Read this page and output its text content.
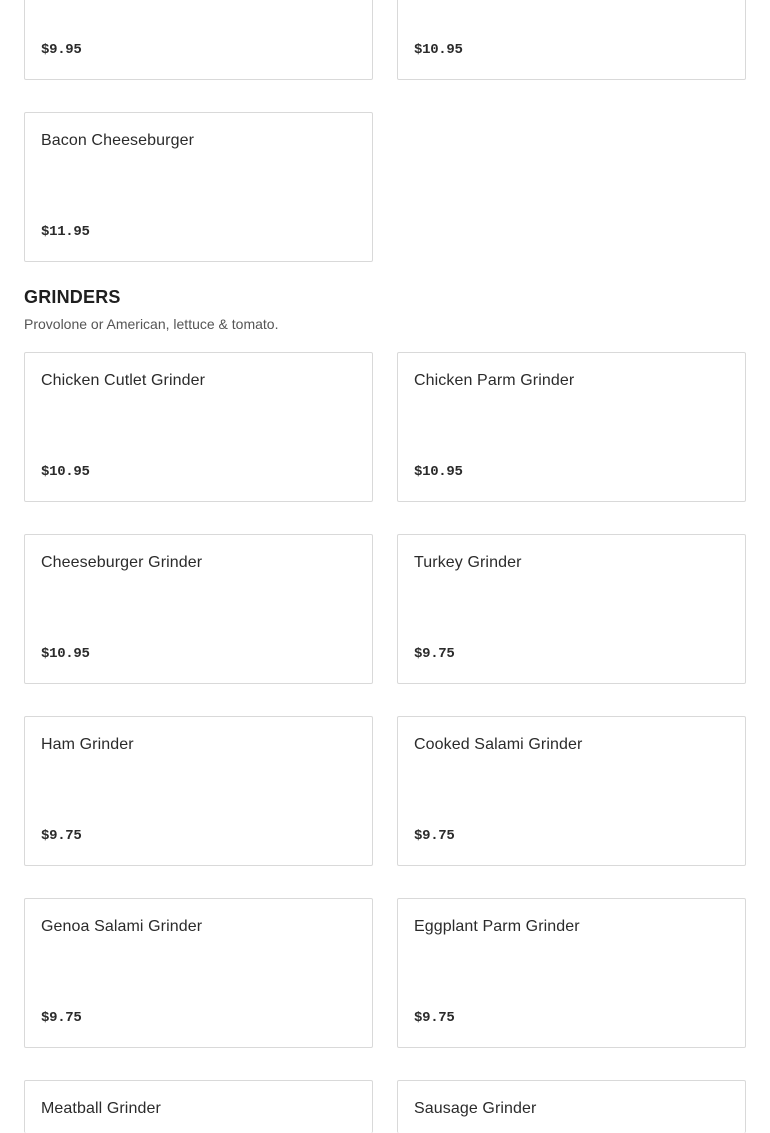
$9.95	$10.95
Bacon Cheeseburger
$11.95
GRINDERS
Provolone or American, lettuce & tomato.
Chicken Cutlet Grinder
$10.95
Chicken Parm Grinder
$10.95
Cheeseburger Grinder
$10.95
Turkey Grinder
$9.75
Ham Grinder
$9.75
Cooked Salami Grinder
$9.75
Genoa Salami Grinder
$9.75
Eggplant Parm Grinder
$9.75
Meatball Grinder	Sausage Grinder
